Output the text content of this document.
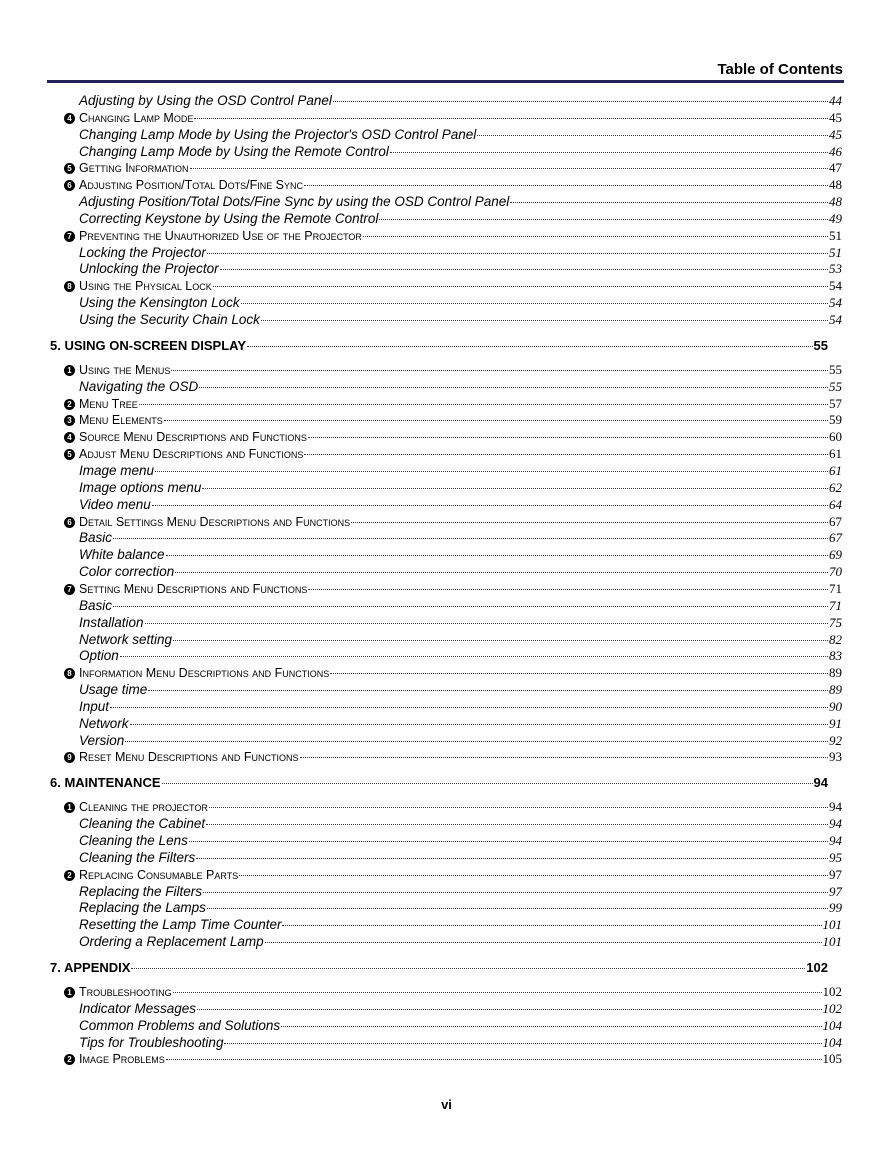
Table of Contents
Adjusting by Using the OSD Control Panel	44
4 Changing Lamp Mode	45
Changing Lamp Mode by Using the Projector's OSD Control Panel	45
Changing Lamp Mode by Using the Remote Control	46
5 Getting Information	47
6 Adjusting Position/Total Dots/Fine Sync	48
Adjusting Position/Total Dots/Fine Sync by using the OSD Control Panel	48
Correcting Keystone by Using the Remote Control	49
7 Preventing the Unauthorized Use of the Projector	51
Locking the Projector	51
Unlocking the Projector	53
8 Using the Physical Lock	54
Using the Kensington Lock	54
Using the Security Chain Lock	54
5. USING ON-SCREEN DISPLAY	55
1 Using the Menus	55
Navigating the OSD	55
2 Menu Tree	57
3 Menu Elements	59
4 Source Menu Descriptions and Functions	60
5 Adjust Menu Descriptions and Functions	61
Image menu	61
Image options menu	62
Video menu	64
6 Detail Settings Menu Descriptions and Functions	67
Basic	67
White balance	69
Color correction	70
7 Setting Menu Descriptions and Functions	71
Basic	71
Installation	75
Network setting	82
Option	83
8 Information Menu Descriptions and Functions	89
Usage time	89
Input	90
Network	91
Version	92
9 Reset Menu Descriptions and Functions	93
6. MAINTENANCE	94
1 Cleaning the projector	94
Cleaning the Cabinet	94
Cleaning the Lens	94
Cleaning the Filters	95
2 Replacing Consumable Parts	97
Replacing the Filters	97
Replacing the Lamps	99
Resetting the Lamp Time Counter	101
Ordering a Replacement Lamp	101
7. APPENDIX	102
1 Troubleshooting	102
Indicator Messages	102
Common Problems and Solutions	104
Tips for Troubleshooting	104
2 Image Problems	105
vi
